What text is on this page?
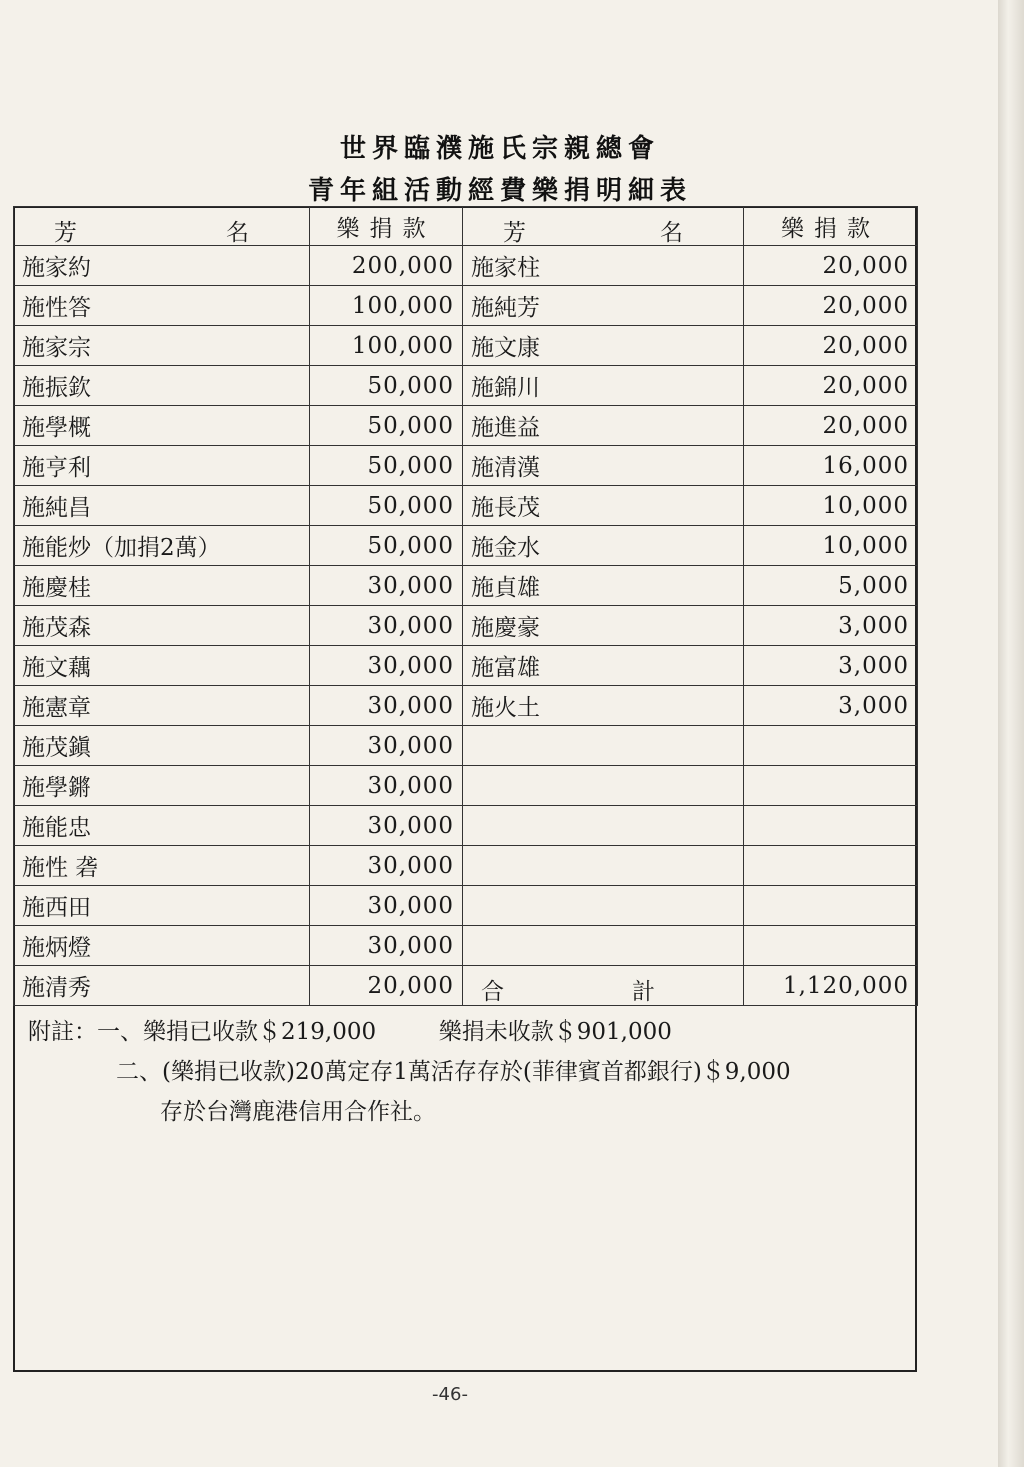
世界臨濮施氏宗親總會
青年組活動經費樂捐明細表
芳 名	樂捐款	芳 名	樂捐款
施家約	200,000	施家柱	20,000
施性答	100,000	施純芳	20,000
施家宗	100,000	施文康	20,000
施振欽	50,000	施錦川	20,000
施學概	50,000	施進益	20,000
施亨利	50,000	施清漢	16,000
施純昌	50,000	施長茂	10,000
施能炒（加捐2萬）	50,000	施金水	10,000
施慶桂	30,000	施貞雄	5,000
施茂森	30,000	施慶豪	3,000
施文藕	30,000	施富雄	3,000
施憲章	30,000	施火土	3,000
施茂鎭	30,000		
施學鏘	30,000		
施能忠	30,000		
施性 砻	30,000		
施西田	30,000		
施炳燈	30,000		
施清秀	20,000	合 計	1,120,000
附註：一、樂捐已收款＄219,000	樂捐未收款＄901,000
二、(樂捐已收款)20萬定存1萬活存存於(菲律賓首都銀行)＄9,000
存於台灣鹿港信用合作社。
-46-
